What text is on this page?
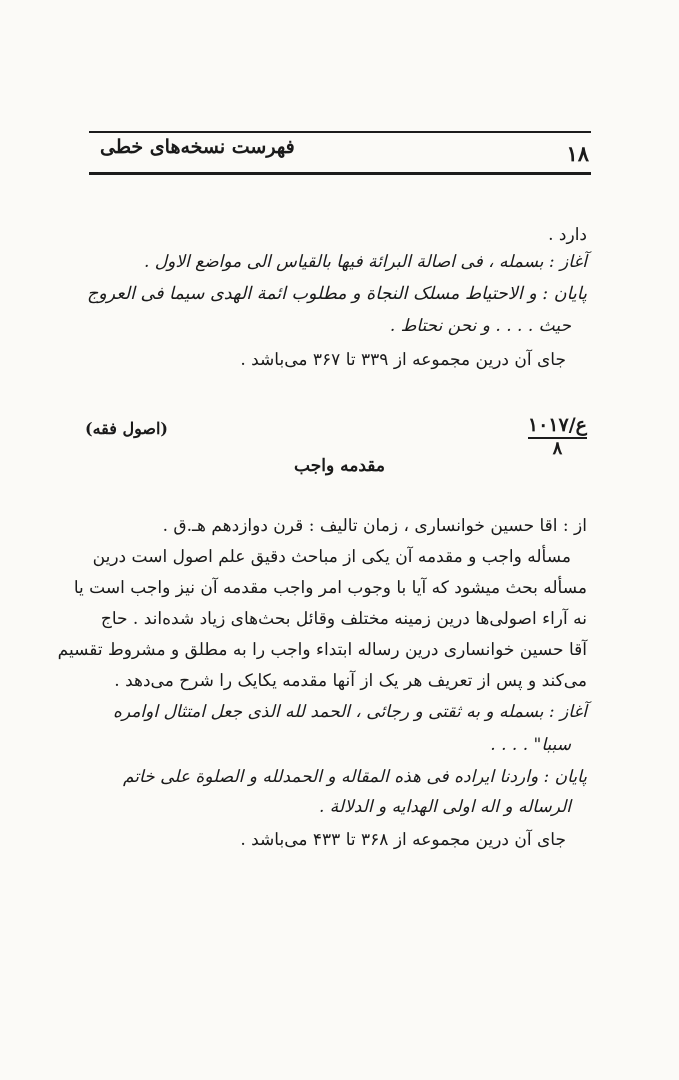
فهرست نسخه‌های خطی	۱۸
دارد .
آغاز : بسمله ، فی اصالة البرائة فیها بالقیاس الی مواضع الاول .
پایان : و الاحتیاط مسلک النجاة و مطلوب ائمة الهدی سیما فی العروج
حیث . . . . و نحن نحتاط .
جای آن درین مجموعه از ۳۳۹ تا ۳۶۷ می‌باشد .
ع/۱۰۱۷
۸
(اصول فقه)
مقدمه واجب
از : اقا حسین خوانساری ، زمان تالیف : قرن دوازدهم هـ.ق .
مسأله واجب و مقدمه آن یکی از مباحث دقیق علم اصول است درین
مسأله بحث میشود که آیا با وجوب امر واجب مقدمه آن نیز واجب است یا
نه آراء اصولی‌ها درین زمینه مختلف وقائل بحث‌های زیاد شده‌اند . حاج
آقا حسین خوانساری درین رساله ابتداء واجب را به مطلق و مشروط تقسیم
می‌کند و پس از تعریف هر یک از آنها مقدمه یکایک را شرح می‌دهد .
آغاز : بسمله و به ثقتی و رجائی ، الحمد لله الذی جعل امتثال اوامره
سببا" . . . .
پایان : واردنا ایراده فی هذه المقاله و الحمدلله و الصلوة علی خاتم
الرساله و اله اولی الهدایه و الدلالة .
جای آن درین مجموعه از ۳۶۸ تا ۴۳۳ می‌باشد .
